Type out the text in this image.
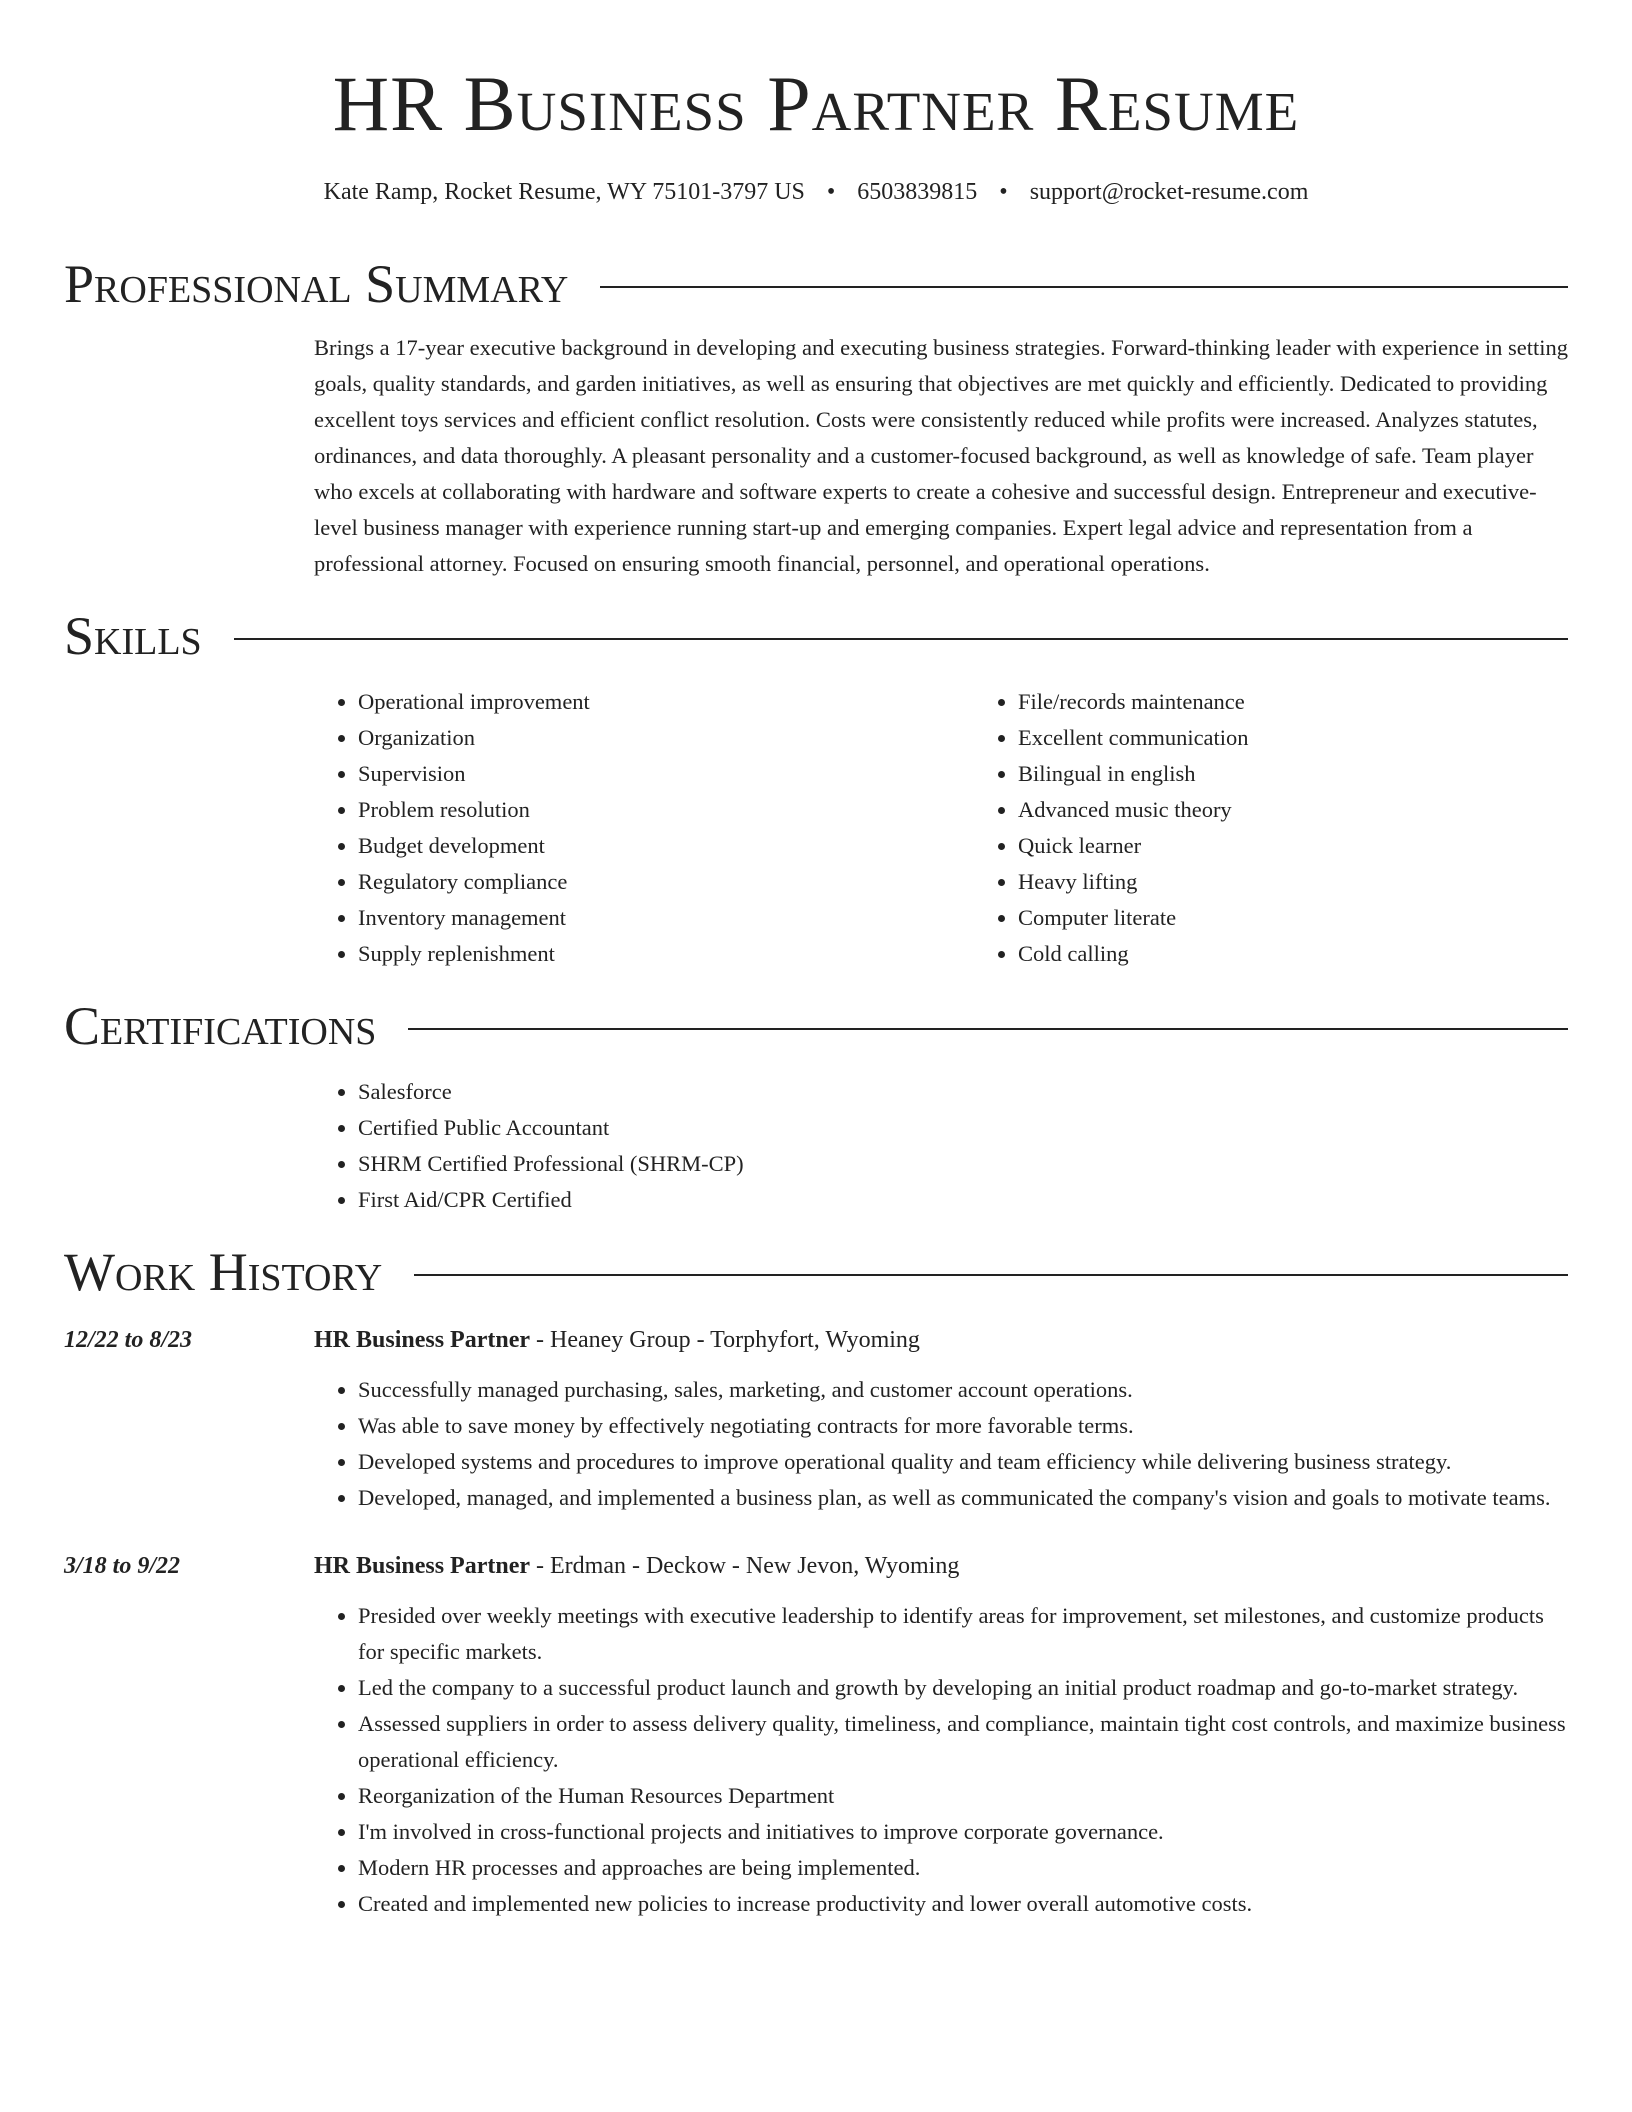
HR Business Partner Resume
Kate Ramp, Rocket Resume, WY 75101-3797 US • 6503839815 • support@rocket-resume.com
Professional Summary

Brings a 17-year executive background in developing and executing business strategies. Forward-thinking leader with experience in setting goals, quality standards, and garden initiatives, as well as ensuring that objectives are met quickly and efficiently. Dedicated to providing excellent toys services and efficient conflict resolution. Costs were consistently reduced while profits were increased. Analyzes statutes, ordinances, and data thoroughly. A pleasant personality and a customer-focused background, as well as knowledge of safe. Team player who excels at collaborating with hardware and software experts to create a cohesive and successful design. Entrepreneur and executive-level business manager with experience running start-up and emerging companies. Expert legal advice and representation from a professional attorney. Focused on ensuring smooth financial, personnel, and operational operations.

Skills
• Operational improvement
• Organization
• Supervision
• Problem resolution
• Budget development
• Regulatory compliance
• Inventory management
• Supply replenishment
• File/records maintenance
• Excellent communication
• Bilingual in english
• Advanced music theory
• Quick learner
• Heavy lifting
• Computer literate
• Cold calling
Certifications
• Salesforce
• Certified Public Accountant
• SHRM Certified Professional (SHRM-CP)
• First Aid/CPR Certified
Work History
12/22 to 8/23	HR Business Partner - Heaney Group - Torphyfort, Wyoming
• Successfully managed purchasing, sales, marketing, and customer account operations.
• Was able to save money by effectively negotiating contracts for more favorable terms.
• Developed systems and procedures to improve operational quality and team efficiency while delivering business strategy.
• Developed, managed, and implemented a business plan, as well as communicated the company's vision and goals to motivate teams.
3/18 to 9/22	HR Business Partner - Erdman - Deckow - New Jevon, Wyoming
• Presided over weekly meetings with executive leadership to identify areas for improvement, set milestones, and customize products for specific markets.
• Led the company to a successful product launch and growth by developing an initial product roadmap and go-to-market strategy.
• Assessed suppliers in order to assess delivery quality, timeliness, and compliance, maintain tight cost controls, and maximize business operational efficiency.
• Reorganization of the Human Resources Department
• I'm involved in cross-functional projects and initiatives to improve corporate governance.
• Modern HR processes and approaches are being implemented.
• Created and implemented new policies to increase productivity and lower overall automotive costs.
